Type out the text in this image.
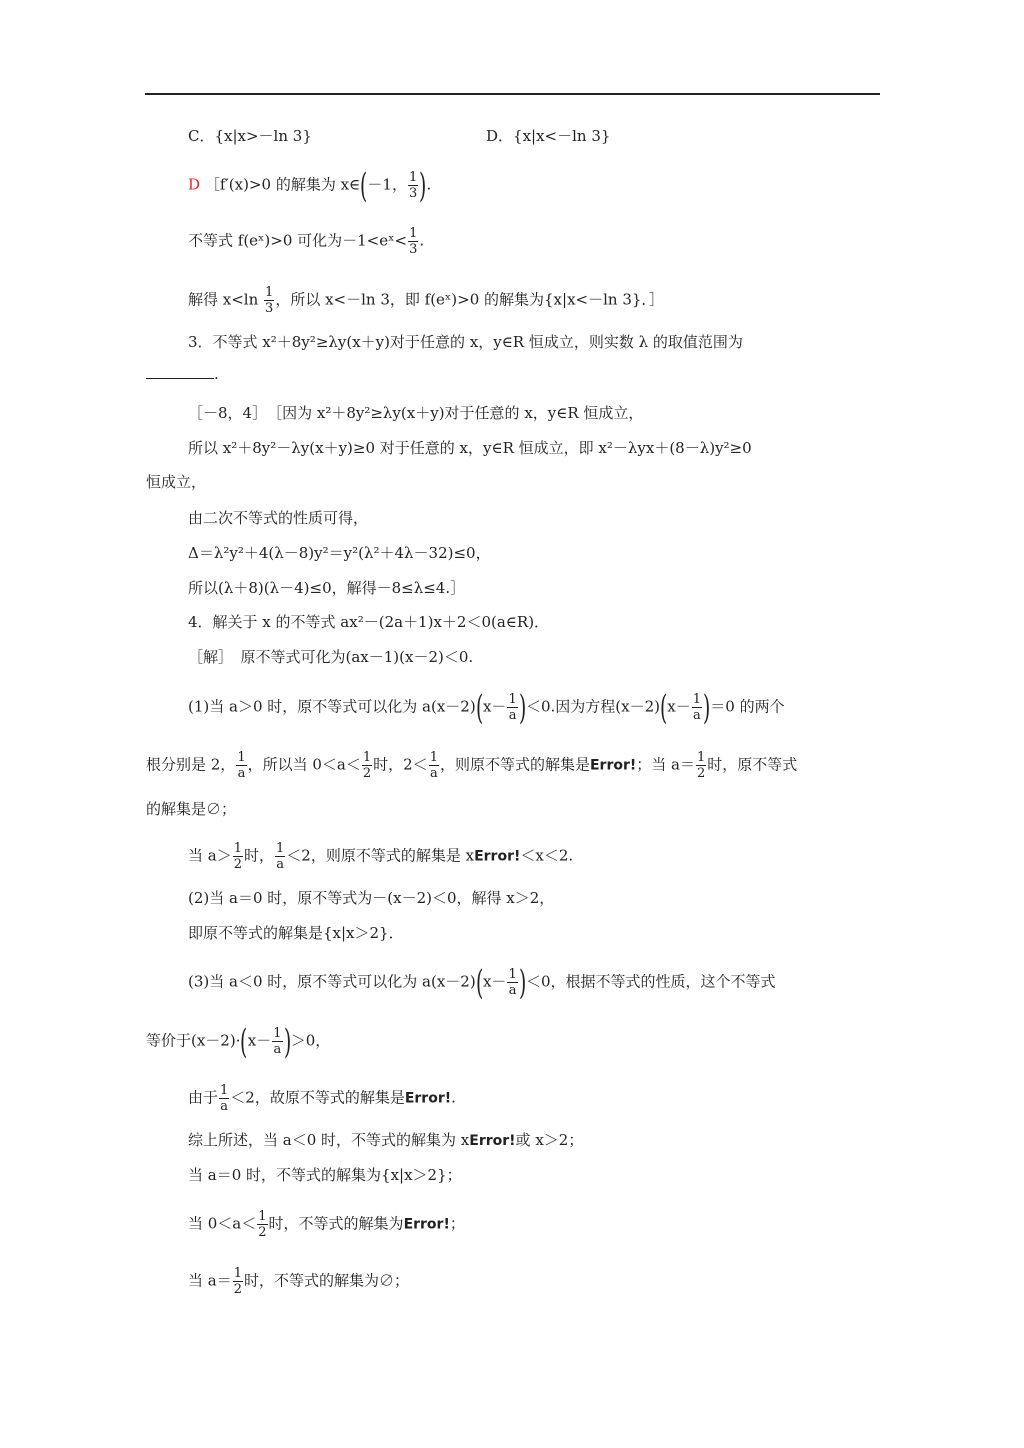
C．{x|x>－ln 3}	D．{x|x<－ln 3}
D ［f′(x)>0 的解集为 x∈(－1， $\frac{1}{3}$ ).
不等式 f(eˣ)>0 可化为－1<eˣ< $\frac{1}{3}$ .
解得 $x<\ln \frac{1}{3}$ ，所以 x<－ln 3，即 f(eˣ)>0 的解集为{x|x<－ln 3}．］
3．不等式 x²＋8y²≥λy(x＋y)对于任意的 x，y∈R 恒成立，则实数 λ 的取值范围为
.
［－8，4］　［因为 x²＋8y²≥λy(x＋y)对于任意的 x，y∈R 恒成立，
所以 x²＋8y²－λy(x＋y)≥0 对于任意的 x，y∈R 恒成立，即 x²－λyx＋(8－λ)y²≥0
恒成立，
由二次不等式的性质可得，
Δ＝λ²y²＋4(λ－8)y²＝y²(λ²＋4λ－32)≤0，
所以(λ＋8)(λ－4)≤0，解得－8≤λ≤4.］
4．解关于 x 的不等式 ax²－(2a＋1)x＋2＜0(a∈R)．
［解］　原不等式可化为(ax－1)(x－2)＜0.
(1)当 a＞0 时，原不等式可以化为 $a(x-2)(x- \frac{1}{a} )<0$.因为方程$(x-2)(x- \frac{1}{a} )=0$ 的两个
根分别是 2， $\frac{1}{a}$ ，所以当 $0<a< \frac{1}{2}$ 时，$2< \frac{1}{a}$ ，则原不等式的解集是Error!；当 $a= \frac{1}{2}$ 时，原不等式
的解集是∅；
当 $a> \frac{1}{2}$ 时， $\frac{1}{a} <2$，则原不等式的解集是 xError!＜x＜2.
(2)当 a＝0 时，原不等式为－(x－2)＜0，解得 x＞2，
即原不等式的解集是{x|x＞2}．
(3)当 a＜0 时，原不等式可以化为 $a(x-2)(x- \frac{1}{a} )<0$，根据不等式的性质，这个不等式
等价于$(x-2)\cdot(x- \frac{1}{a} )>0$，
由于 $\frac{1}{a} <2$，故原不等式的解集是Error!.
综上所述，当 a＜0 时，不等式的解集为 xError!或 x＞2；
当 a＝0 时，不等式的解集为{x|x＞2}；
当 $0<a< \frac{1}{2}$ 时，不等式的解集为Error!；
当 $a= \frac{1}{2}$ 时，不等式的解集为∅；
